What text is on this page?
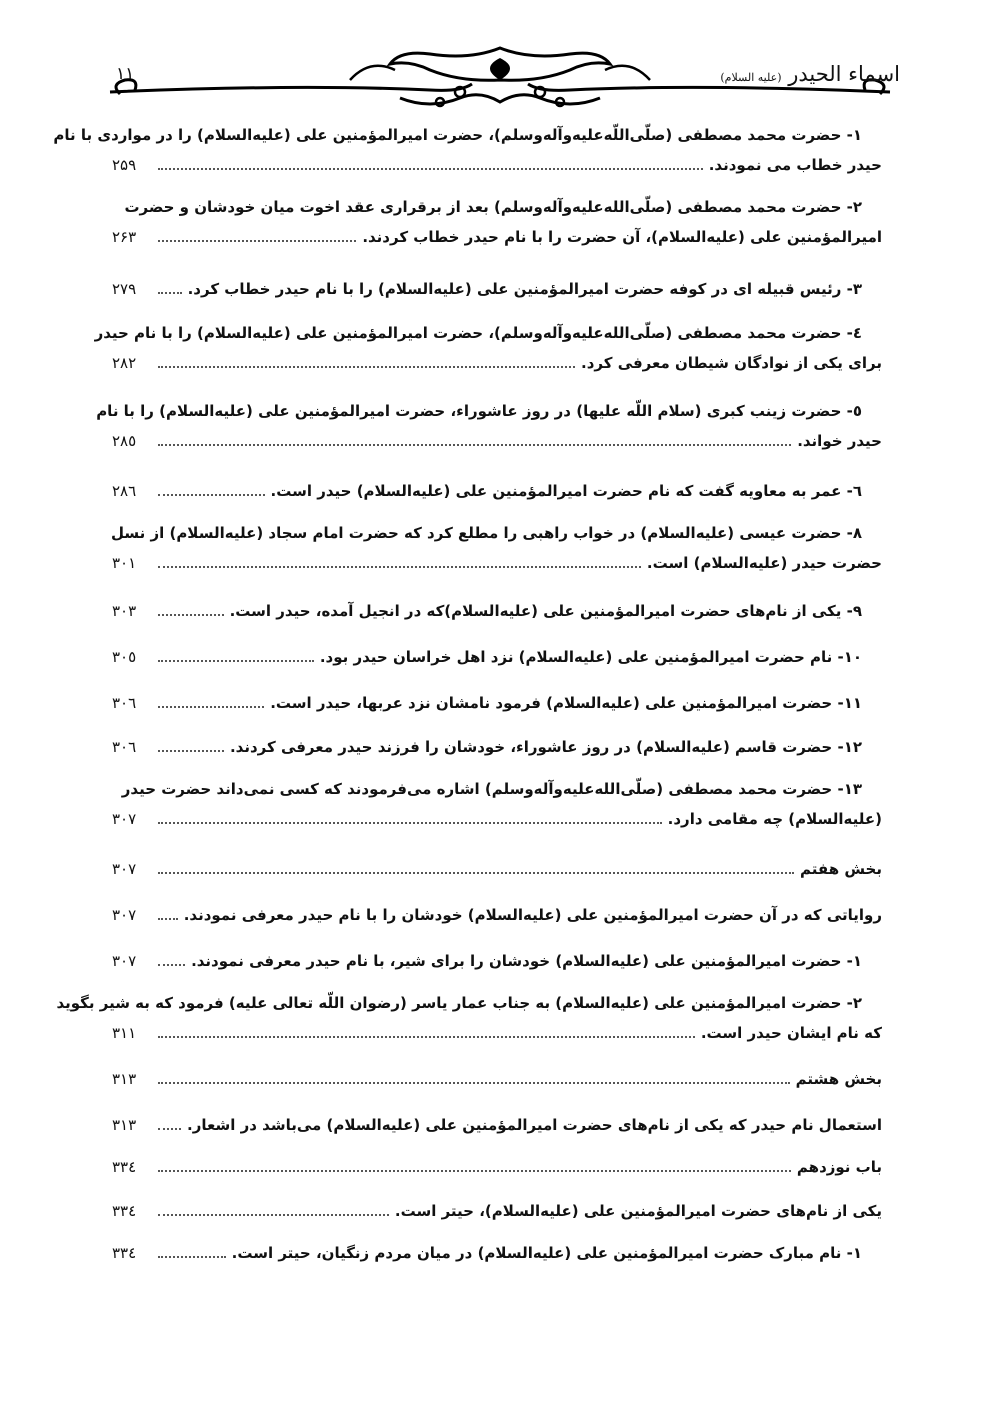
اسماء الحیدر (علیه السلام)
۱۱
۱- حضرت محمد مصطفی (صلّی‌اللّه‌علیه‌وآله‌وسلم)، حضرت امیرالمؤمنین علی (علیه‌السلام) را در مواردی با نام
حیدر خطاب می نمودند.
۲۵۹
۲- حضرت محمد مصطفی (صلّی‌الله‌علیه‌وآله‌وسلم) بعد از برقراری عقد اخوت میان خودشان و حضرت
امیرالمؤمنین علی (علیه‌السلام)، آن حضرت را با نام حیدر خطاب کردند.
۲۶۳
۳- رئیس قبیله ای در کوفه حضرت امیرالمؤمنین علی (علیه‌السلام) را با نام حیدر خطاب کرد.
۲۷۹
٤- حضرت محمد مصطفی (صلّی‌الله‌علیه‌وآله‌وسلم)، حضرت امیرالمؤمنین علی (علیه‌السلام) را با نام حیدر
برای یکی از نوادگان شیطان معرفی کرد.
۲۸۲
٥- حضرت زینب کبری (سلام اللّه علیها) در روز عاشوراء، حضرت امیرالمؤمنین علی (علیه‌السلام) را با نام
حیدر خواند.
۲۸٥
٦- عمر به معاویه گفت که نام حضرت امیرالمؤمنین علی (علیه‌السلام) حیدر است.
۲۸٦
۸- حضرت عیسی (علیه‌السلام) در خواب راهبی را مطلع کرد که حضرت امام سجاد (علیه‌السلام) از نسل
حضرت حیدر (علیه‌السلام) است.
۳۰۱
۹- یکی از نام‌های حضرت امیرالمؤمنین علی (علیه‌السلام)که در انجیل آمده، حیدر است.
۳۰۳
۱۰- نام حضرت امیرالمؤمنین علی (علیه‌السلام) نزد اهل خراسان حیدر بود.
۳۰٥
۱۱- حضرت امیرالمؤمنین علی (علیه‌السلام) فرمود نامشان نزد عربها، حیدر است.
۳۰٦
۱۲- حضرت قاسم (علیه‌السلام) در روز عاشوراء، خودشان را فرزند حیدر معرفی کردند.
۳۰٦
۱۳- حضرت محمد مصطفی (صلّی‌الله‌علیه‌وآله‌وسلم) اشاره می‌فرمودند که کسی نمی‌داند حضرت حیدر
(علیه‌السلام) چه مقامی دارد.
۳۰۷
بخش هفتم
۳۰۷
روایاتی که در آن حضرت امیرالمؤمنین علی (علیه‌السلام) خودشان را با نام حیدر معرفی نمودند.
۳۰۷
۱- حضرت امیرالمؤمنین علی (علیه‌السلام) خودشان را برای شیر، با نام حیدر معرفی نمودند.
۳۰۷
۲- حضرت امیرالمؤمنین علی (علیه‌السلام) به جناب عمار یاسر (رضوان اللّه تعالی علیه) فرمود که به شیر بگوید
که نام ایشان حیدر است.
۳۱۱
بخش هشتم
۳۱۳
استعمال نام حیدر که یکی از نام‌های حضرت امیرالمؤمنین علی (علیه‌السلام) می‌باشد در اشعار.
۳۱۳
باب نوزدهم
۳۳٤
یکی از نام‌های حضرت امیرالمؤمنین علی (علیه‌السلام)، حیتر است.
۳۳٤
۱- نام مبارک حضرت امیرالمؤمنین علی (علیه‌السلام) در میان مردم زنگیان، حیتر است.
۳۳٤
